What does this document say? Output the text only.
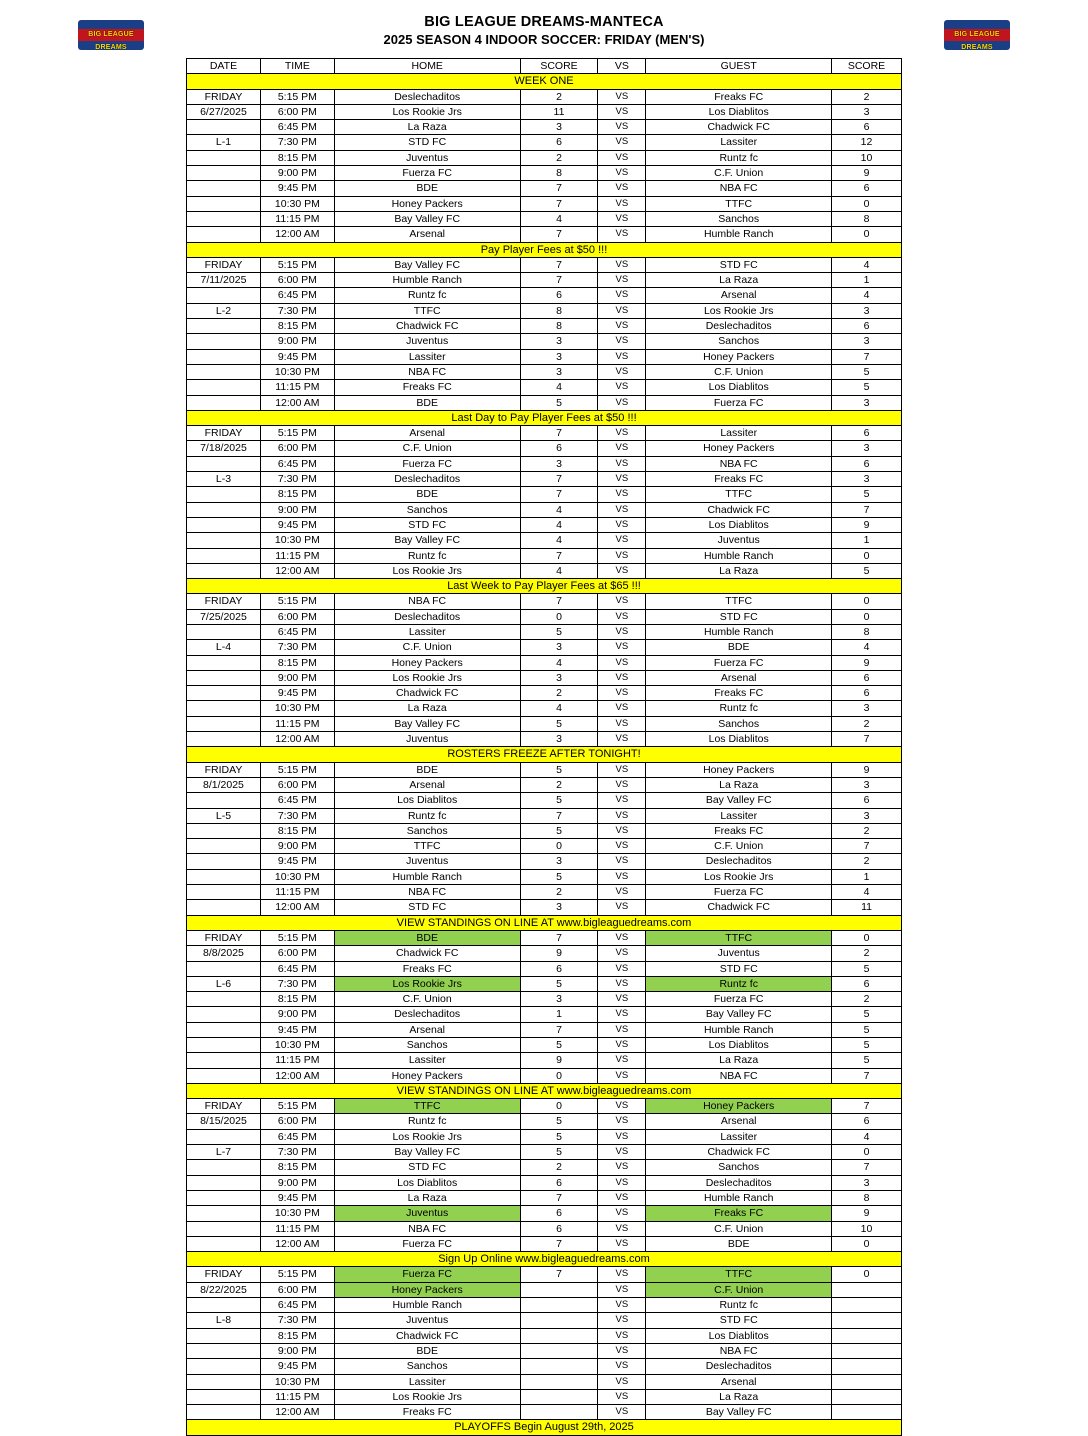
BIG LEAGUE DREAMS
BIG LEAGUE DREAMS
BIG LEAGUE DREAMS-MANTECA
2025 SEASON 4 INDOOR SOCCER: FRIDAY (MEN'S)
DATE	TIME	HOME	SCORE	VS	GUEST	SCORE
WEEK ONE						
FRIDAY	5:15 PM	Deslechaditos	2	VS	Freaks FC	2
6/27/2025	6:00 PM	Los Rookie Jrs	11	VS	Los Diablitos	3
	6:45 PM	La Raza	3	VS	Chadwick FC	6
L-1	7:30 PM	STD FC	6	VS	Lassiter	12
	8:15 PM	Juventus	2	VS	Runtz fc	10
	9:00 PM	Fuerza FC	8	VS	C.F. Union	9
	9:45 PM	BDE	7	VS	NBA FC	6
	10:30 PM	Honey Packers	7	VS	TTFC	0
	11:15 PM	Bay Valley FC	4	VS	Sanchos	8
	12:00 AM	Arsenal	7	VS	Humble Ranch	0
Pay Player Fees at $50 !!!						
FRIDAY	5:15 PM	Bay Valley FC	7	VS	STD FC	4
7/11/2025	6:00 PM	Humble Ranch	7	VS	La Raza	1
	6:45 PM	Runtz fc	6	VS	Arsenal	4
L-2	7:30 PM	TTFC	8	VS	Los Rookie Jrs	3
	8:15 PM	Chadwick FC	8	VS	Deslechaditos	6
	9:00 PM	Juventus	3	VS	Sanchos	3
	9:45 PM	Lassiter	3	VS	Honey Packers	7
	10:30 PM	NBA FC	3	VS	C.F. Union	5
	11:15 PM	Freaks FC	4	VS	Los Diablitos	5
	12:00 AM	BDE	5	VS	Fuerza FC	3
Last Day to Pay Player Fees at $50 !!!						
FRIDAY	5:15 PM	Arsenal	7	VS	Lassiter	6
7/18/2025	6:00 PM	C.F. Union	6	VS	Honey Packers	3
	6:45 PM	Fuerza FC	3	VS	NBA FC	6
L-3	7:30 PM	Deslechaditos	7	VS	Freaks FC	3
	8:15 PM	BDE	7	VS	TTFC	5
	9:00 PM	Sanchos	4	VS	Chadwick FC	7
	9:45 PM	STD FC	4	VS	Los Diablitos	9
	10:30 PM	Bay Valley FC	4	VS	Juventus	1
	11:15 PM	Runtz fc	7	VS	Humble Ranch	0
	12:00 AM	Los Rookie Jrs	4	VS	La Raza	5
Last Week to Pay Player Fees at $65 !!!						
FRIDAY	5:15 PM	NBA FC	7	VS	TTFC	0
7/25/2025	6:00 PM	Deslechaditos	0	VS	STD FC	0
	6:45 PM	Lassiter	5	VS	Humble Ranch	8
L-4	7:30 PM	C.F. Union	3	VS	BDE	4
	8:15 PM	Honey Packers	4	VS	Fuerza FC	9
	9:00 PM	Los Rookie Jrs	3	VS	Arsenal	6
	9:45 PM	Chadwick FC	2	VS	Freaks FC	6
	10:30 PM	La Raza	4	VS	Runtz fc	3
	11:15 PM	Bay Valley FC	5	VS	Sanchos	2
	12:00 AM	Juventus	3	VS	Los Diablitos	7
ROSTERS FREEZE AFTER TONIGHT!						
FRIDAY	5:15 PM	BDE	5	VS	Honey Packers	9
8/1/2025	6:00 PM	Arsenal	2	VS	La Raza	3
	6:45 PM	Los Diablitos	5	VS	Bay Valley FC	6
L-5	7:30 PM	Runtz fc	7	VS	Lassiter	3
	8:15 PM	Sanchos	5	VS	Freaks FC	2
	9:00 PM	TTFC	0	VS	C.F. Union	7
	9:45 PM	Juventus	3	VS	Deslechaditos	2
	10:30 PM	Humble Ranch	5	VS	Los Rookie Jrs	1
	11:15 PM	NBA FC	2	VS	Fuerza FC	4
	12:00 AM	STD FC	3	VS	Chadwick FC	11
VIEW STANDINGS ON LINE AT www.bigleaguedreams.com						
FRIDAY	5:15 PM	BDE	7	VS	TTFC	0
8/8/2025	6:00 PM	Chadwick FC	9	VS	Juventus	2
	6:45 PM	Freaks FC	6	VS	STD FC	5
L-6	7:30 PM	Los Rookie Jrs	5	VS	Runtz fc	6
	8:15 PM	C.F. Union	3	VS	Fuerza FC	2
	9:00 PM	Deslechaditos	1	VS	Bay Valley FC	5
	9:45 PM	Arsenal	7	VS	Humble Ranch	5
	10:30 PM	Sanchos	5	VS	Los Diablitos	5
	11:15 PM	Lassiter	9	VS	La Raza	5
	12:00 AM	Honey Packers	0	VS	NBA FC	7
VIEW STANDINGS ON LINE AT www.bigleaguedreams.com						
FRIDAY	5:15 PM	TTFC	0	VS	Honey Packers	7
8/15/2025	6:00 PM	Runtz fc	5	VS	Arsenal	6
	6:45 PM	Los Rookie Jrs	5	VS	Lassiter	4
L-7	7:30 PM	Bay Valley FC	5	VS	Chadwick FC	0
	8:15 PM	STD FC	2	VS	Sanchos	7
	9:00 PM	Los Diablitos	6	VS	Deslechaditos	3
	9:45 PM	La Raza	7	VS	Humble Ranch	8
	10:30 PM	Juventus	6	VS	Freaks FC	9
	11:15 PM	NBA FC	6	VS	C.F. Union	10
	12:00 AM	Fuerza FC	7	VS	BDE	0
Sign Up Online www.bigleaguedreams.com						
FRIDAY	5:15 PM	Fuerza FC	7	VS	TTFC	0
8/22/2025	6:00 PM	Honey Packers		VS	C.F. Union	
	6:45 PM	Humble Ranch		VS	Runtz fc	
L-8	7:30 PM	Juventus		VS	STD FC	
	8:15 PM	Chadwick FC		VS	Los Diablitos	
	9:00 PM	BDE		VS	NBA FC	
	9:45 PM	Sanchos		VS	Deslechaditos	
	10:30 PM	Lassiter		VS	Arsenal	
	11:15 PM	Los Rookie Jrs		VS	La Raza	
	12:00 AM	Freaks FC		VS	Bay Valley FC	
PLAYOFFS Begin August 29th, 2025						
